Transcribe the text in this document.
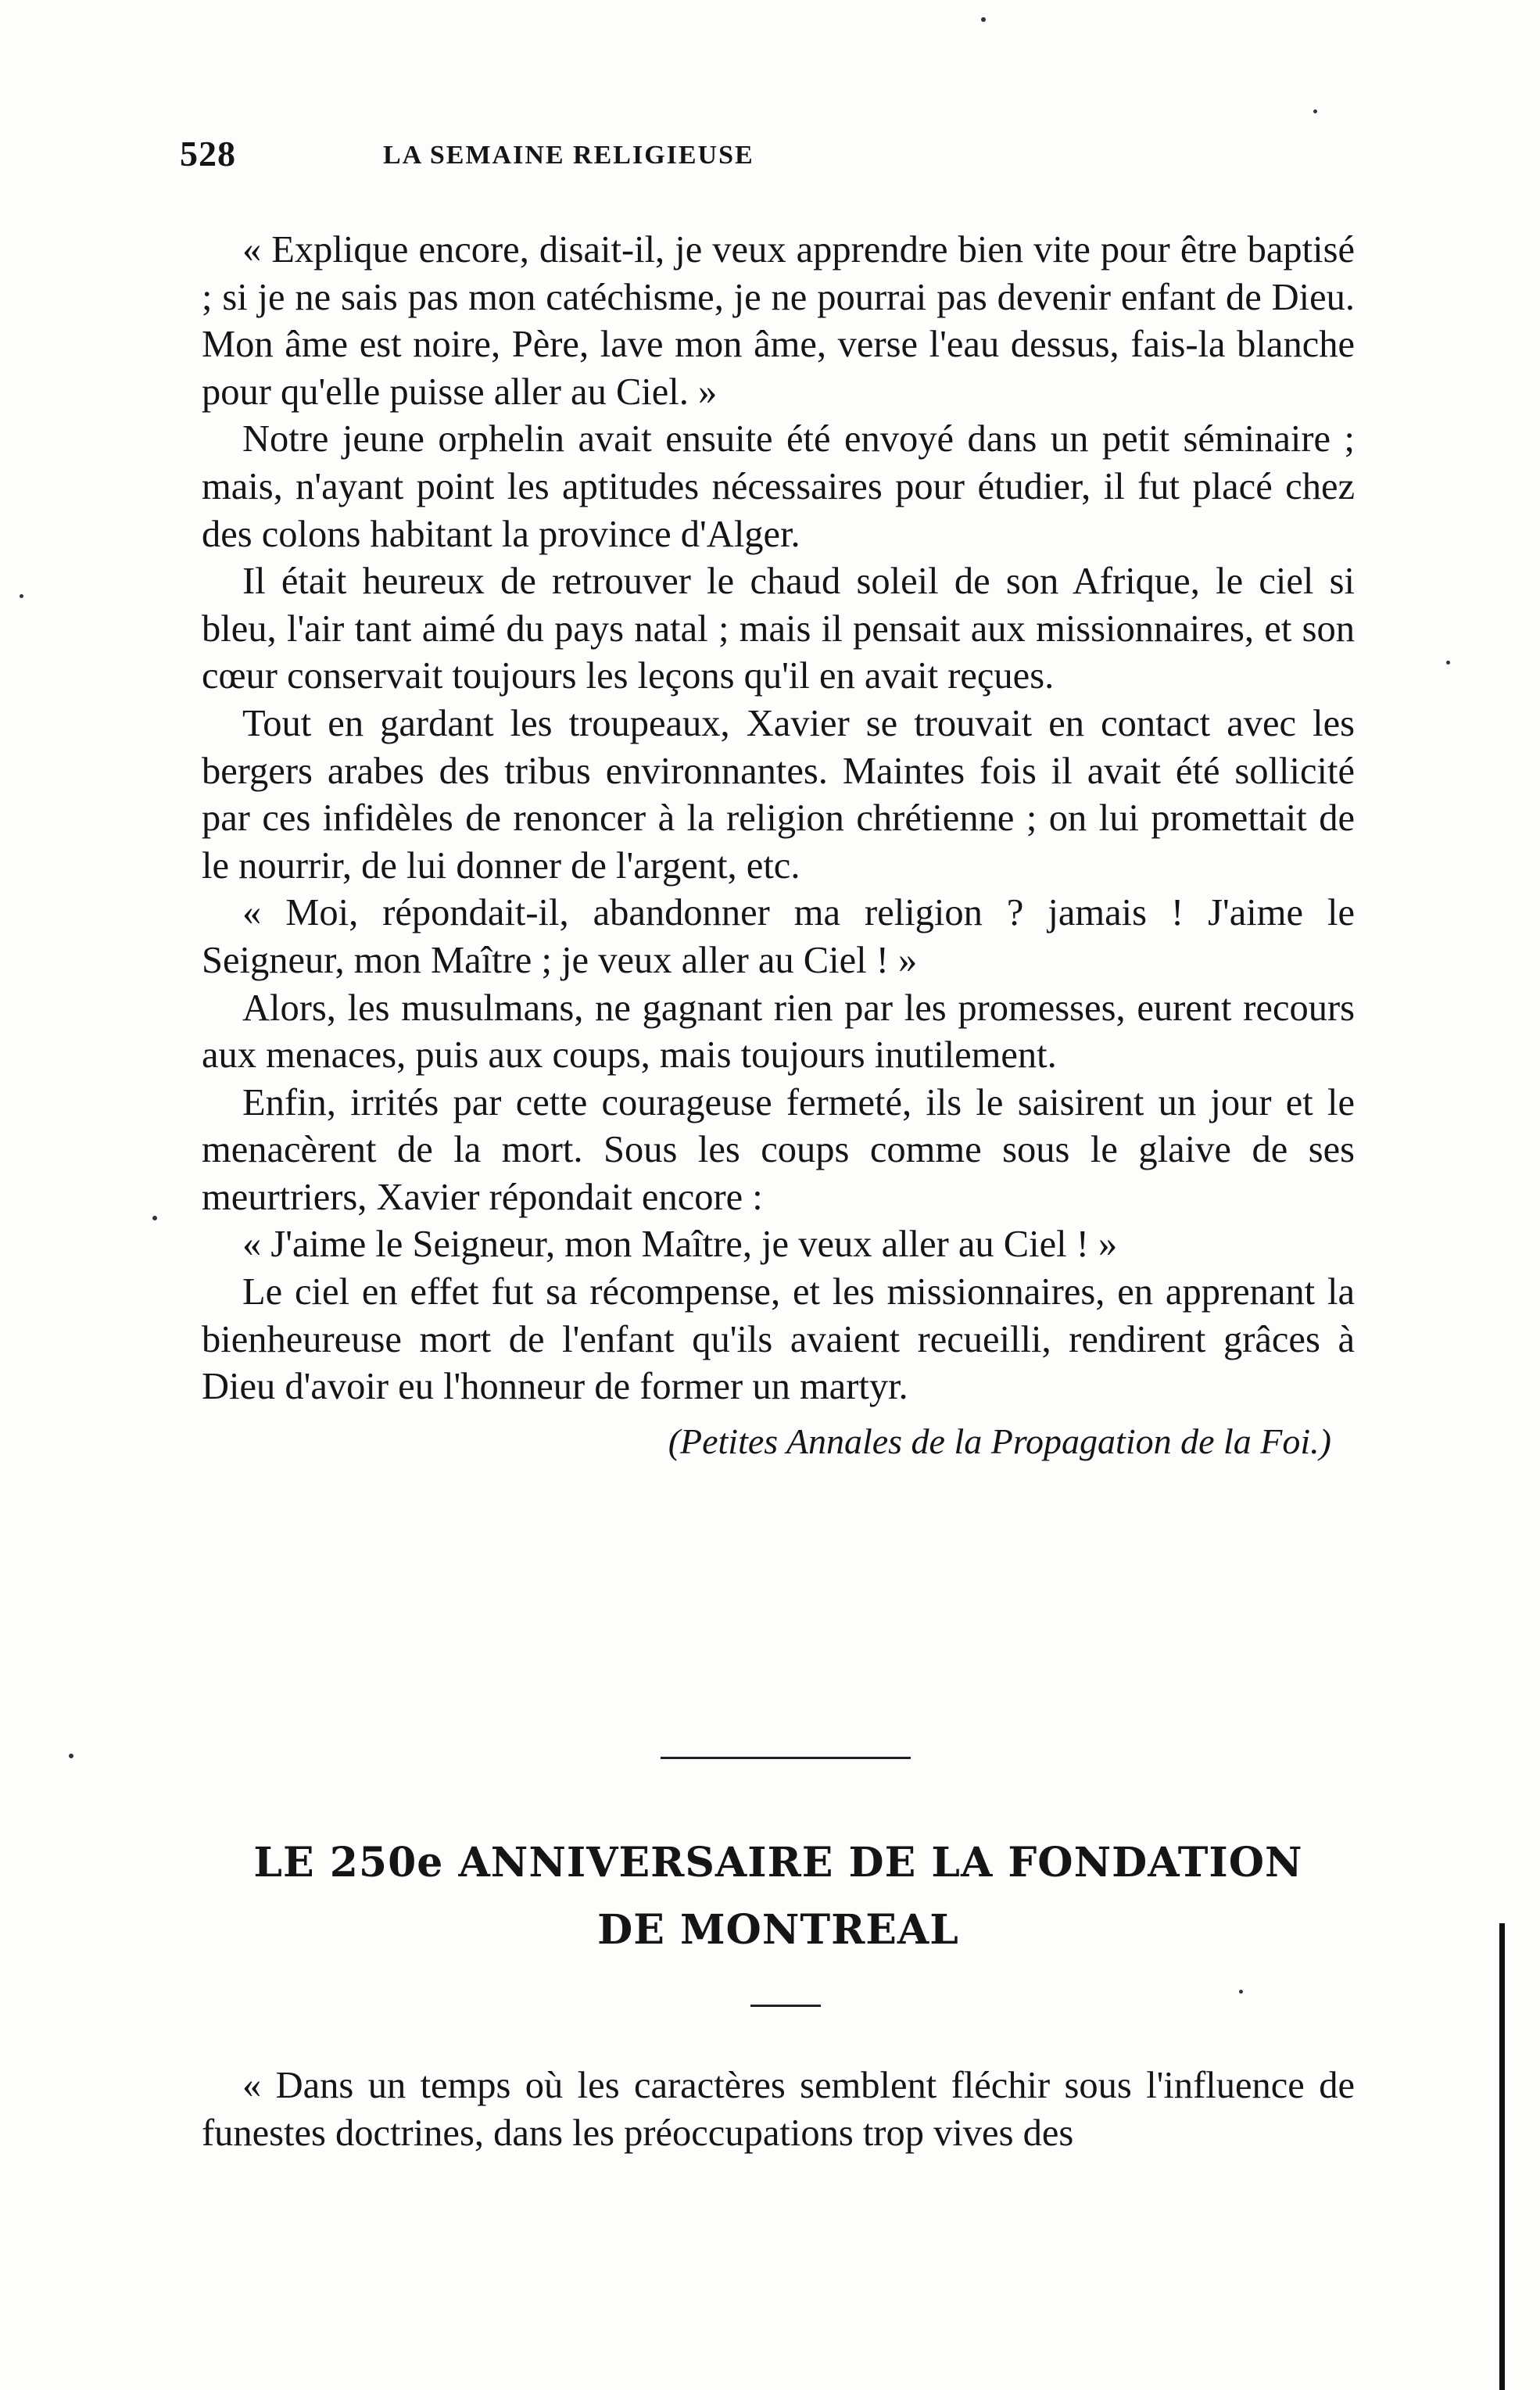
528	LA SEMAINE RELIGIEUSE

« Explique encore, disait-il, je veux apprendre bien vite pour être baptisé ; si je ne sais pas mon catéchisme, je ne pourrai pas devenir enfant de Dieu. Mon âme est noire, Père, lave mon âme, verse l'eau dessus, fais-la blanche pour qu'elle puisse aller au Ciel. »

Notre jeune orphelin avait ensuite été envoyé dans un petit séminaire ; mais, n'ayant point les aptitudes nécessaires pour étudier, il fut placé chez des colons habitant la province d'Alger.

Il était heureux de retrouver le chaud soleil de son Afrique, le ciel si bleu, l'air tant aimé du pays natal ; mais il pensait aux missionnaires, et son cœur conservait toujours les leçons qu'il en avait reçues.

Tout en gardant les troupeaux, Xavier se trouvait en contact avec les bergers arabes des tribus environnantes. Maintes fois il avait été sollicité par ces infidèles de renoncer à la religion chrétienne ; on lui promettait de le nourrir, de lui donner de l'argent, etc.

« Moi, répondait-il, abandonner ma religion ? jamais ! J'aime le Seigneur, mon Maître ; je veux aller au Ciel ! »

Alors, les musulmans, ne gagnant rien par les promesses, eurent recours aux menaces, puis aux coups, mais toujours inutilement.

Enfin, irrités par cette courageuse fermeté, ils le saisirent un jour et le menacèrent de la mort. Sous les coups comme sous le glaive de ses meurtriers, Xavier répondait encore :

« J'aime le Seigneur, mon Maître, je veux aller au Ciel ! »

Le ciel en effet fut sa récompense, et les missionnaires, en apprenant la bienheureuse mort de l'enfant qu'ils avaient recueilli, rendirent grâces à Dieu d'avoir eu l'honneur de former un martyr.

(Petites Annales de la Propagation de la Foi.)
LE 250e ANNIVERSAIRE DE LA FONDATION
DE MONTREAL

« Dans un temps où les caractères semblent fléchir sous l'influence de funestes doctrines, dans les préoccupations trop vives des
